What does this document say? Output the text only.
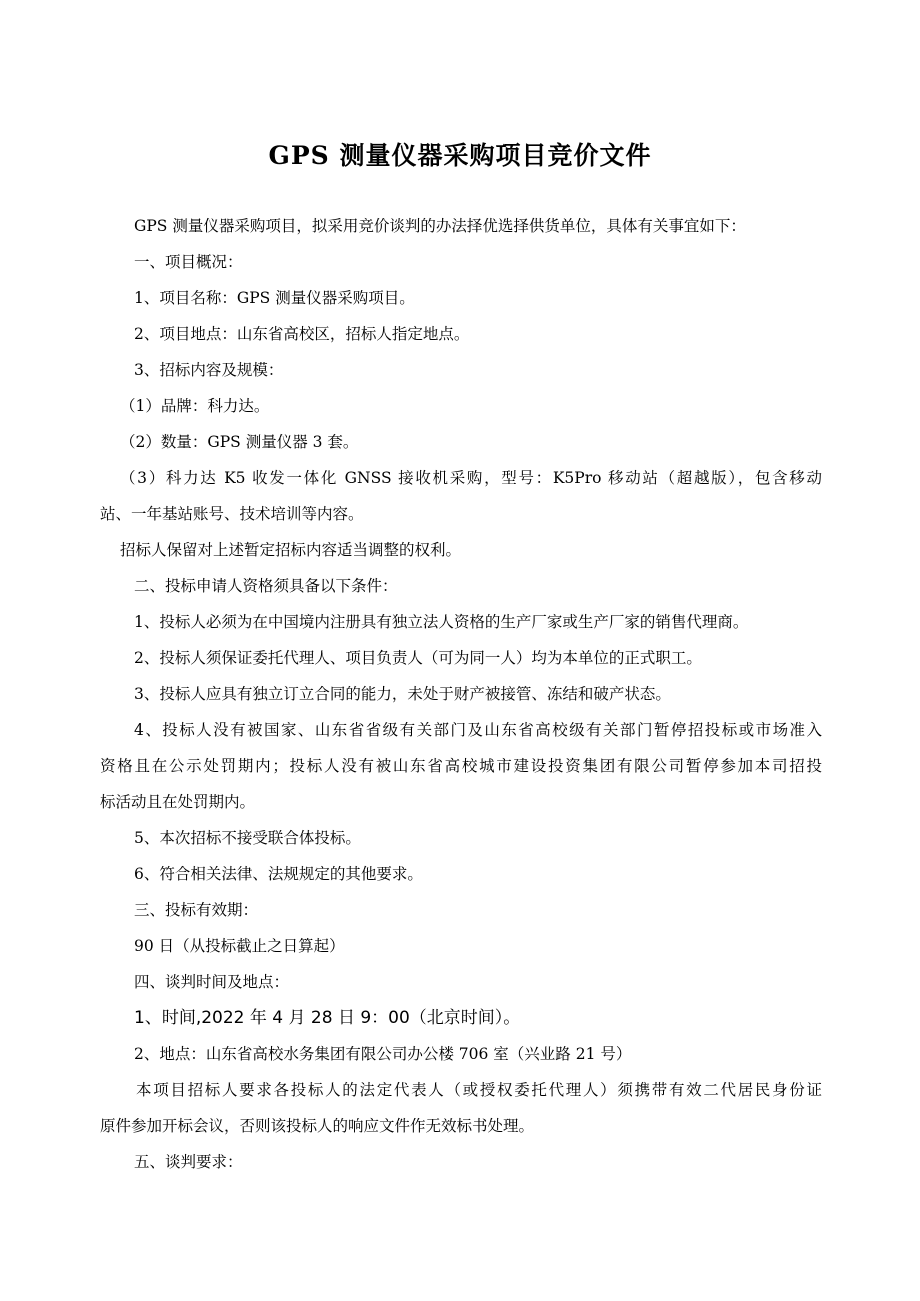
GPS 测量仪器采购项目竞价文件
GPS 测量仪器采购项目，拟采用竞价谈判的办法择优选择供货单位，具体有关事宜如下：
一、项目概况：
1、项目名称：GPS 测量仪器采购项目。
2、项目地点：山东省高校区，招标人指定地点。
3、招标内容及规模：
（1）品牌：科力达。
（2）数量：GPS 测量仪器 3 套。
（3）科力达 K5 收发一体化 GNSS 接收机采购，型号：K5Pro 移动站（超越版），包含移动
站、一年基站账号、技术培训等内容。
招标人保留对上述暂定招标内容适当调整的权利。
二、投标申请人资格须具备以下条件：
1、投标人必须为在中国境内注册具有独立法人资格的生产厂家或生产厂家的销售代理商。
2、投标人须保证委托代理人、项目负责人（可为同一人）均为本单位的正式职工。
3、投标人应具有独立订立合同的能力，未处于财产被接管、冻结和破产状态。
4、投标人没有被国家、山东省省级有关部门及山东省高校级有关部门暂停招投标或市场准入
资格且在公示处罚期内；投标人没有被山东省高校城市建设投资集团有限公司暂停参加本司招投
标活动且在处罚期内。
5、本次招标不接受联合体投标。
6、符合相关法律、法规规定的其他要求。
三、投标有效期：
90 日（从投标截止之日算起）
四、谈判时间及地点：
1、时间,2022 年 4 月 28 日 9：00（北京时间）。
2、地点：山东省高校水务集团有限公司办公楼 706 室（兴业路 21 号）
本项目招标人要求各投标人的法定代表人（或授权委托代理人）须携带有效二代居民身份证
原件参加开标会议，否则该投标人的响应文件作无效标书处理。
五、谈判要求：
